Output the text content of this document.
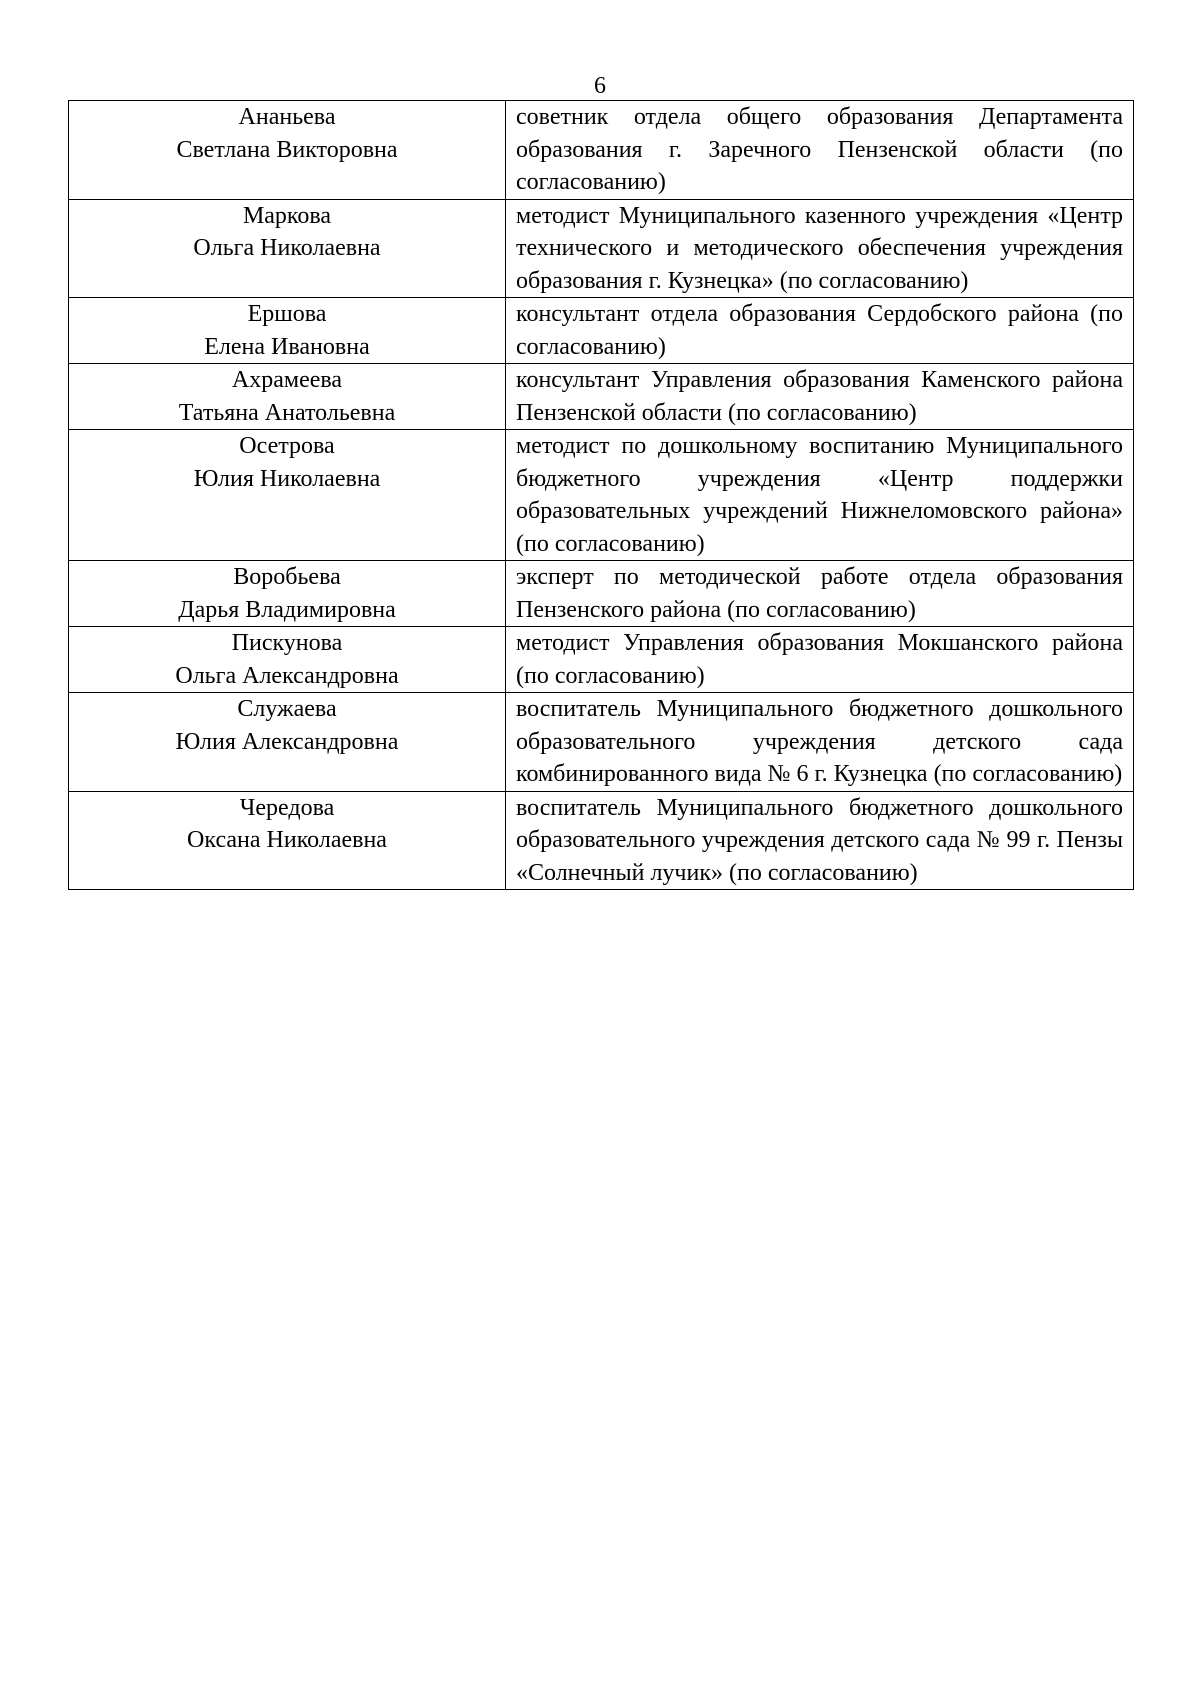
6
Ананьева
Светлана Викторовна	советник отдела общего образования Департамента образования г. Заречного Пензенской области (по согласованию)

Маркова
Ольга Николаевна	методист Муниципального казенного учреждения «Центр технического и методического обеспечения учреждения образования г. Кузнецка» (по согласованию)

Ершова
Елена Ивановна	консультант отдела образования Сердобского района (по согласованию)

Ахрамеева
Татьяна Анатольевна	консультант Управления образования Каменского района Пензенской области (по согласованию)

Осетрова
Юлия Николаевна	методист по дошкольному воспитанию Муниципального бюджетного учреждения «Центр поддержки образовательных учреждений Нижнеломовского района» (по согласованию)

Воробьева
Дарья Владимировна	эксперт по методической работе отдела образования Пензенского района (по согласованию)

Пискунова
Ольга Александровна	методист Управления образования Мокшанского района (по согласованию)

Служаева
Юлия Александровна	воспитатель Муниципального бюджетного дошкольного образовательного учреждения детского сада комбинированного вида № 6 г. Кузнецка (по согласованию)

Чередова
Оксана Николаевна	воспитатель Муниципального бюджетного дошкольного образовательного учреждения детского сада № 99 г. Пензы «Солнечный лучик» (по согласованию)
